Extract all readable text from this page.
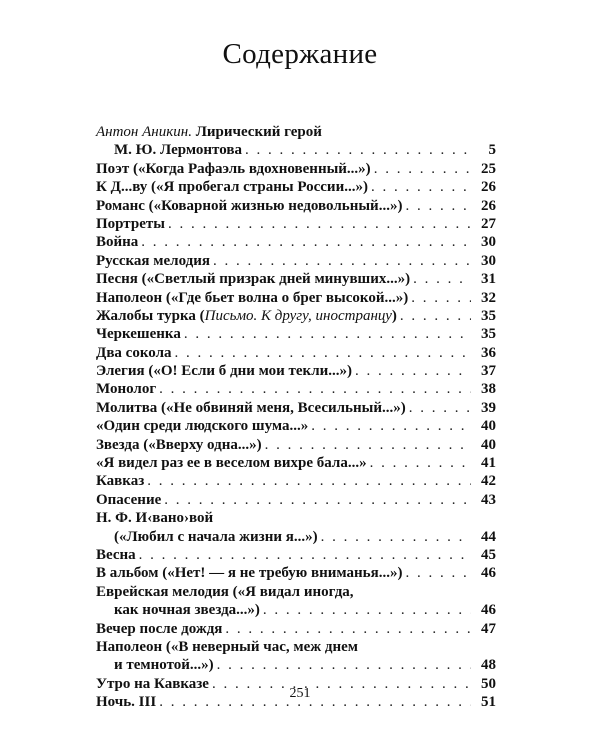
Содержание
Антон Аникин. Лирический герой
М. Ю. Лермонтова . . .	5
Поэт («Когда Рафаэль вдохновенный...») . . .	25
К Д...ву («Я пробегал страны России...») . . .	26
Романс («Коварной жизнью недовольный...») . . .	26
Портреты . . .	27
Война . . .	30
Русская мелодия . . .	30
Песня («Светлый призрак дней минувших...») . . .	31
Наполеон («Где бьет волна о брег высокой...») . . .	32
Жалобы турка (Письмо. К другу, иностранцу) . . .	35
Черкешенка . . .	35
Два сокола . . .	36
Элегия («О! Если б дни мои текли...») . . .	37
Монолог . . .	38
Молитва («Не обвиняй меня, Всесильный...») . . .	39
«Один среди людского шума...» . . .	40
Звезда («Вверху одна...») . . .	40
«Я видел раз ее в веселом вихре бала...» . . .	41
Кавказ . . .	42
Опасение . . .	43
Н. Ф. И‹вано›вой
(«Любил с начала жизни я...») . . .	44
Весна . . .	45
В альбом («Нет! — я не требую вниманья...») . . .	46
Еврейская мелодия («Я видал иногда,
как ночная звезда...») . . .	46
Вечер после дождя . . .	47
Наполеон («В неверный час, меж днем
и темнотой...») . . .	48
Утро на Кавказе . . .	50
Ночь. III . . .	51
251
